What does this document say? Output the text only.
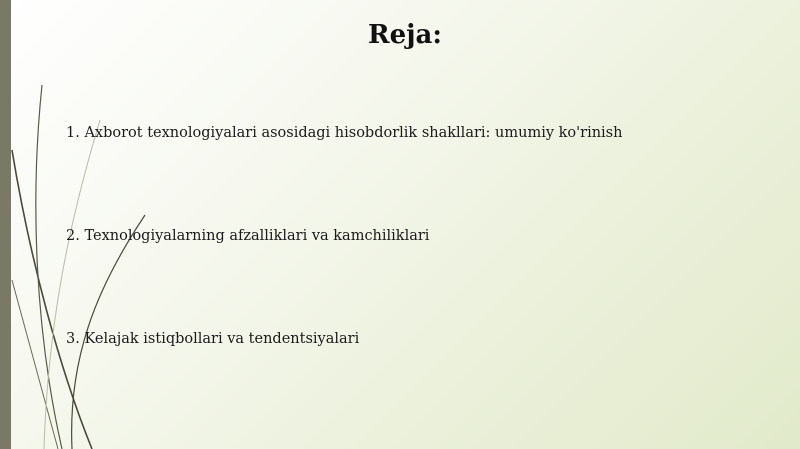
Reja:
1. Axborot texnologiyalari asosidagi hisobdorlik shakllari: umumiy ko'rinish
2. Texnologiyalarning afzalliklari va kamchiliklari
3. Kelajak istiqbollari va tendentsiyalari
